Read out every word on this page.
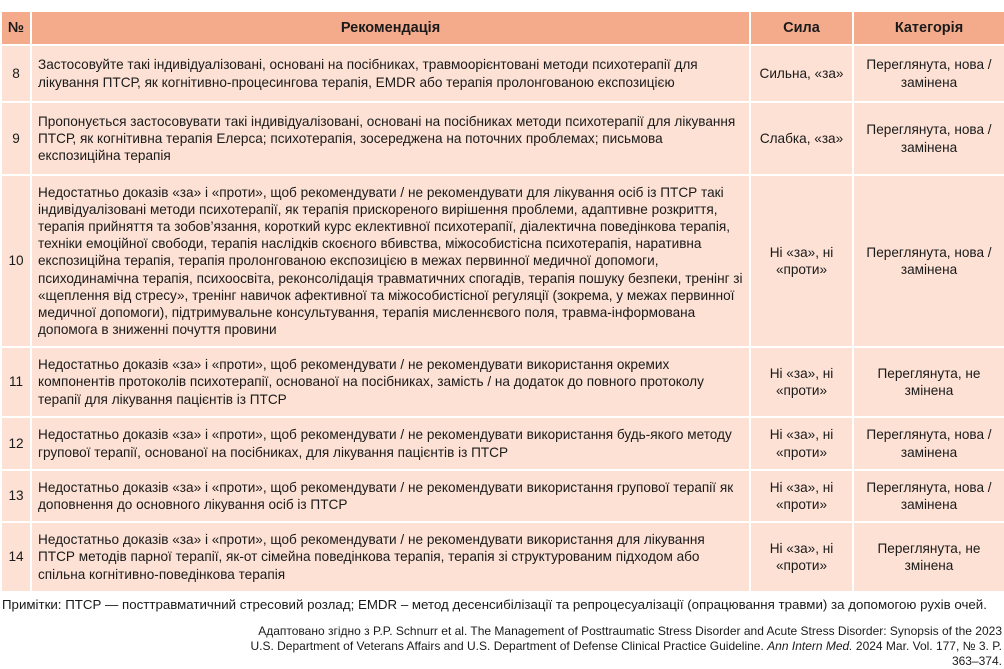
№	Рекомендація	Сила	Категорія
8	Застосовуйте такі індивідуалізовані, основані на посібниках, травмоорієнтовані методи психотерапії для лікування ПТСР, як когнітивно-процесингова терапія, EMDR або терапія пролонгованою експозицією	Сильна, «за»	Переглянута, нова / замінена
9	Пропонується застосовувати такі індивідуалізовані, основані на посібниках методи психотерапії для лікування ПТСР, як когнітивна терапія Елерса; психотерапія, зосереджена на поточних проблемах; письмова експозиційна терапія	Слабка, «за»	Переглянута, нова / замінена
10	Недостатньо доказів «за» і «проти», щоб рекомендувати / не рекомендувати для лікування осіб із ПТСР такі індивідуалізовані методи психотерапії, як терапія прискореного вирішення проблеми, адаптивне розкриття, терапія прийняття та зобов’язання, короткий курс еклективної психотерапії, діалектична поведінкова терапія, техніки емоційної свободи, терапія наслідків скоєного вбивства, міжособистісна психотерапія, наративна експозиційна терапія, терапія пролонгованою експозицією в межах первинної медичної допомоги, психодинамічна терапія, психоосвіта, реконсолідація травматичних спогадів, терапія пошуку безпеки, тренінг зі «щеплення від стресу», тренінг навичок афективної та міжособистісної регуляції (зокрема, у межах первинної медичної допомоги), підтримувальне консультування, терапія мисленнєвого поля, травма-інформована допомога в зниженні почуття провини	Ні «за», ні «проти»	Переглянута, нова / замінена
11	Недостатньо доказів «за» і «проти», щоб рекомендувати / не рекомендувати використання окремих компонентів протоколів психотерапії, основаної на посібниках, замість / на додаток до повного протоколу терапії для лікування пацієнтів із ПТСР	Ні «за», ні «проти»	Переглянута, не змінена
12	Недостатньо доказів «за» і «проти», щоб рекомендувати / не рекомендувати використання будь-якого методу групової терапії, основаної на посібниках, для лікування пацієнтів із ПТСР	Ні «за», ні «проти»	Переглянута, нова / замінена
13	Недостатньо доказів «за» і «проти», щоб рекомендувати / не рекомендувати використання групової терапії як доповнення до основного лікування осіб із ПТСР	Ні «за», ні «проти»	Переглянута, нова / замінена
14	Недостатньо доказів «за» і «проти», щоб рекомендувати / не рекомендувати використання для лікування ПТСР методів парної терапії, як-от сімейна поведінкова терапія, терапія зі структурованим підходом або спільна когнітивно-поведінкова терапія	Ні «за», ні «проти»	Переглянута, не змінена
Примітки: ПТСР — посттравматичний стресовий розлад; EMDR – метод десенсибілізації та репроцесуалізації (опрацювання травми) за допомогою рухів очей.
Адаптовано згідно з P.P. Schnurr et al. The Management of Posttraumatic Stress Disorder and Acute Stress Disorder: Synopsis of the 2023 U.S. Department of Veterans Affairs and U.S. Department of Defense Clinical Practice Guideline. Ann Intern Med. 2024 Mar. Vol. 177, № 3. P. 363–374.
